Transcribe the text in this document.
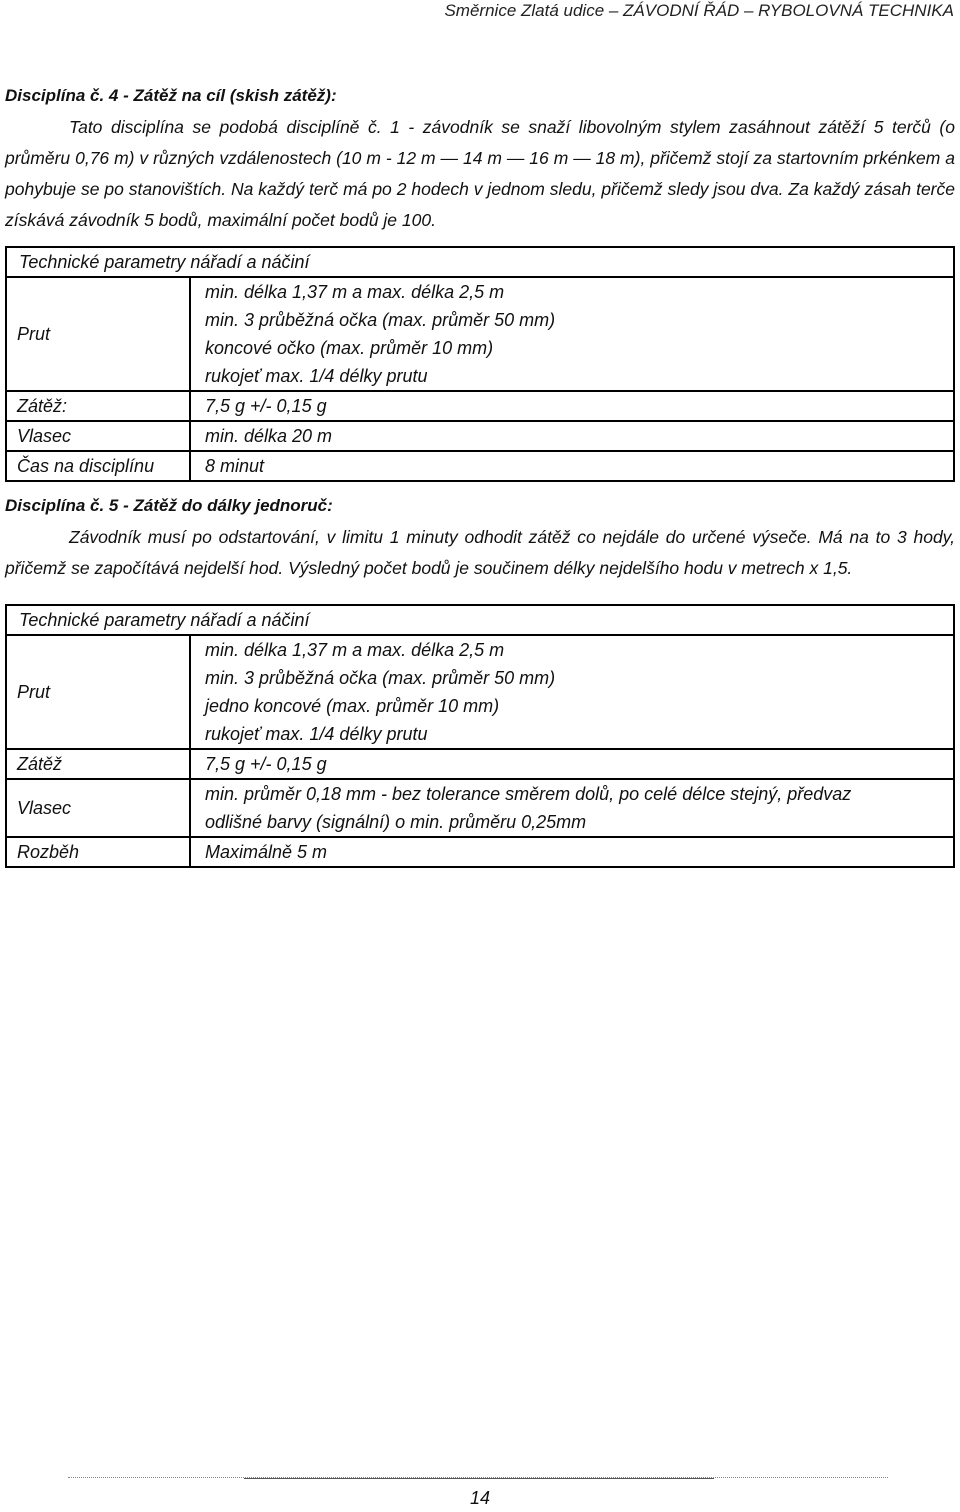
Směrnice Zlatá udice – ZÁVODNÍ ŘÁD – RYBOLOVNÁ TECHNIKA
Disciplína č. 4 - Zátěž na cíl (skish zátěž):
Tato disciplína se podobá disciplíně č. 1 - závodník se snaží libovolným stylem zasáhnout zátěží 5 terčů (o průměru 0,76 m) v různých vzdálenostech (10 m - 12 m — 14 m — 16 m — 18 m), přičemž stojí za startovním prkénkem a pohybuje se po stanovištích. Na každý terč má po 2 hodech v jednom sledu, přičemž sledy jsou dva. Za každý zásah terče získává závodník 5 bodů, maximální počet bodů je 100.
Technické parametry nářadí a náčiní	
Prut	min. délka 1,37 m a max. délka 2,5 m
min. 3 průběžná očka (max. průměr 50 mm)
koncové očko (max. průměr 10 mm)
rukojeť max. 1/4 délky prutu

Zátěž:	7,5 g +/- 0,15 g
Vlasec	min. délka 20 m
Čas na disciplínu	8 minut
Disciplína č. 5 - Zátěž do dálky jednoruč:
Závodník musí po odstartování, v limitu 1 minuty odhodit zátěž co nejdále do určené výseče. Má na to 3 hody, přičemž se započítává nejdelší hod. Výsledný počet bodů je součinem délky nejdelšího hodu v metrech x 1,5.
Technické parametry nářadí a náčiní	
Prut	min. délka 1,37 m a max. délka 2,5 m
min. 3 průběžná očka (max. průměr 50 mm)
jedno koncové (max. průměr 10 mm)
rukojeť max. 1/4 délky prutu

Zátěž	7,5 g +/- 0,15 g
Vlasec	min. průměr 0,18 mm - bez tolerance směrem dolů, po celé délce stejný, předvaz
odlišné barvy (signální) o min. průměru 0,25mm

Rozběh	Maximálně 5 m
14
